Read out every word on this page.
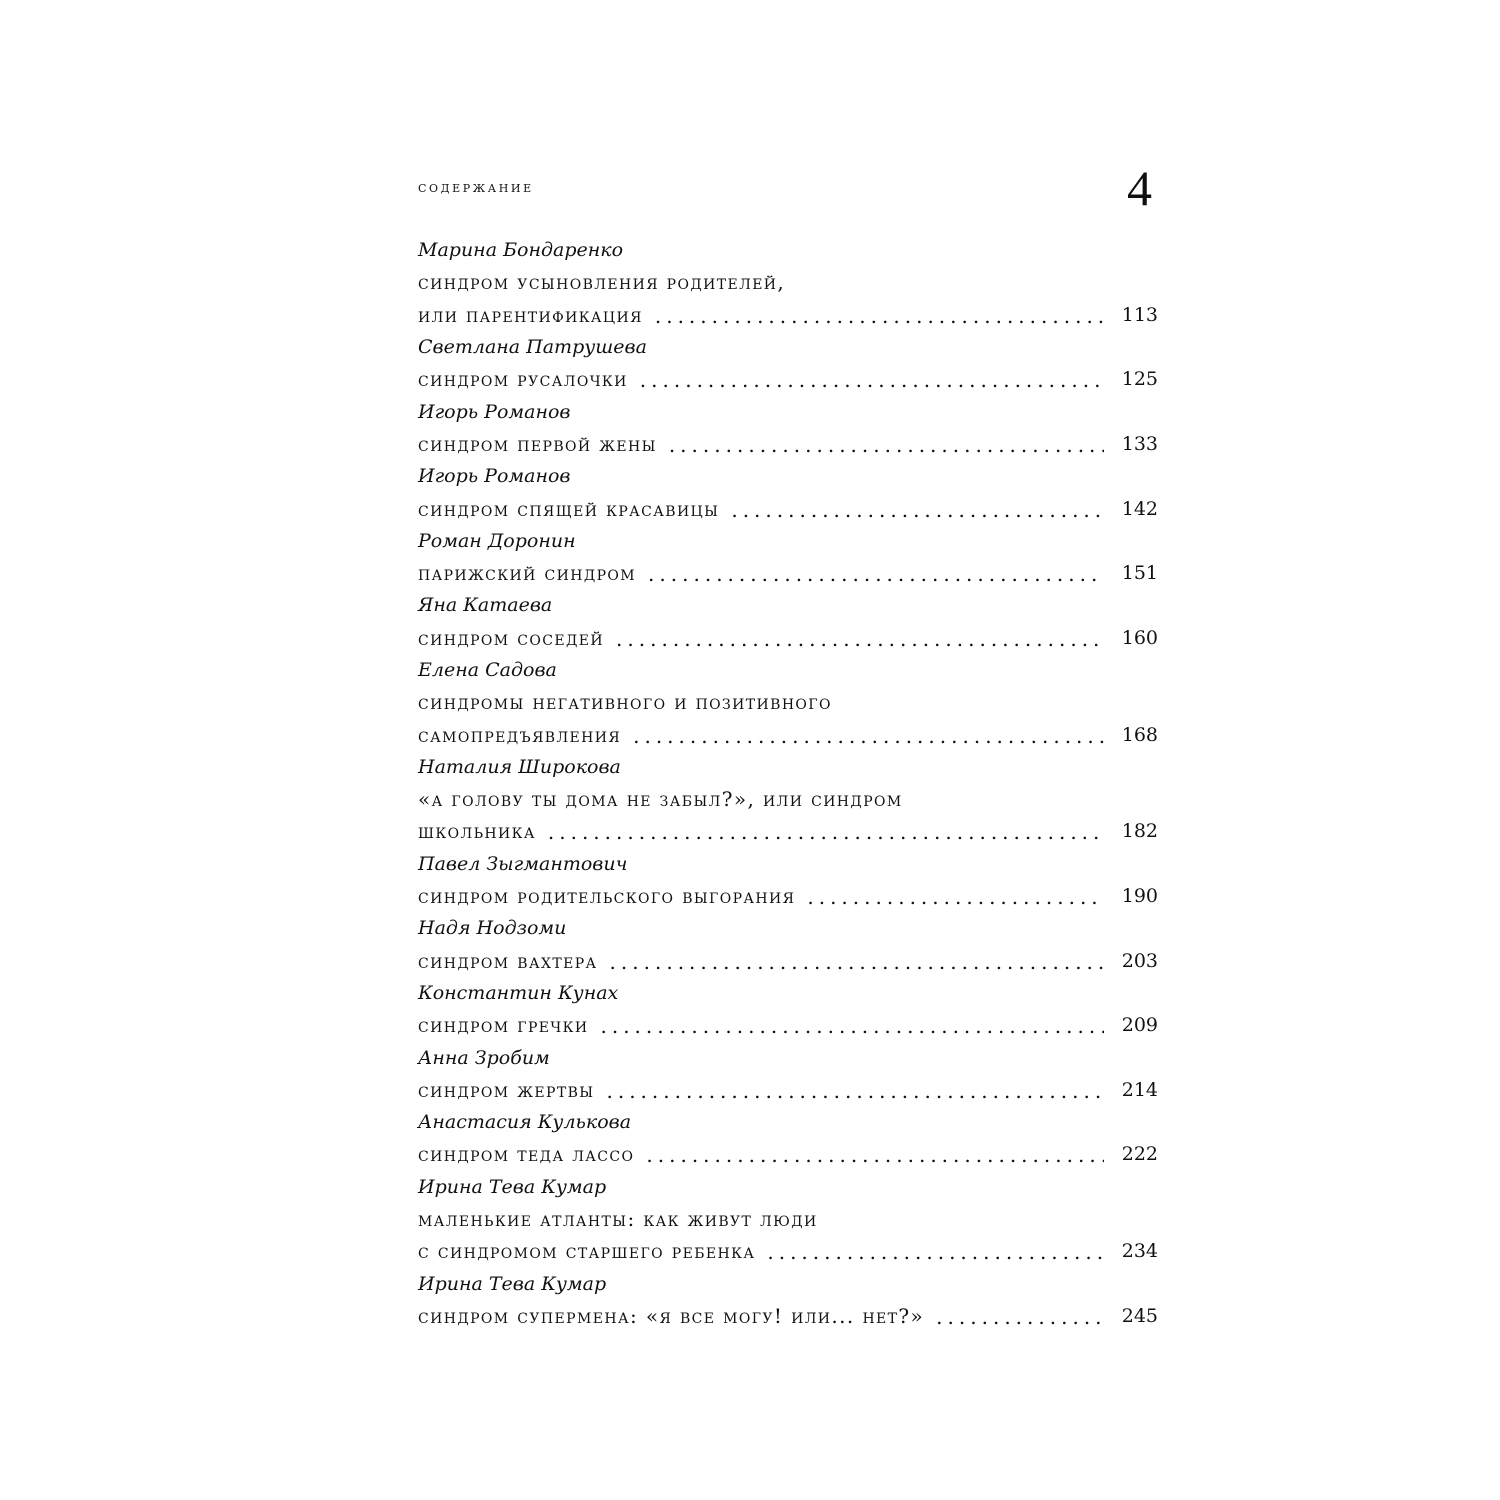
содержание	4
Марина Бондаренко
синдром усыновления родителей,
или парентификация .....	113
Светлана Патрушева
синдром русалочки .....	125
Игорь Романов
синдром первой жены .....	133
Игорь Романов
синдром спящей красавицы .....	142
Роман Доронин
парижский синдром .....	151
Яна Катаева
синдром соседей .....	160
Елена Садова
синдромы негативного и позитивного
самопредъявления .....	168
Наталия Широкова
«а голову ты дома не забыл?», или синдром
школьника .....	182
Павел Зыгмантович
синдром родительского выгорания .....	190
Надя Нодзоми
синдром вахтера .....	203
Константин Кунах
синдром гречки .....	209
Анна Зробим
синдром жертвы .....	214
Анастасия Кулькова
синдром теда лассо .....	222
Ирина Тева Кумар
маленькие атланты: как живут люди
с синдромом старшего ребенка .....	234
Ирина Тева Кумар
синдром супермена: «я все могу! или... нет?» .....	245
